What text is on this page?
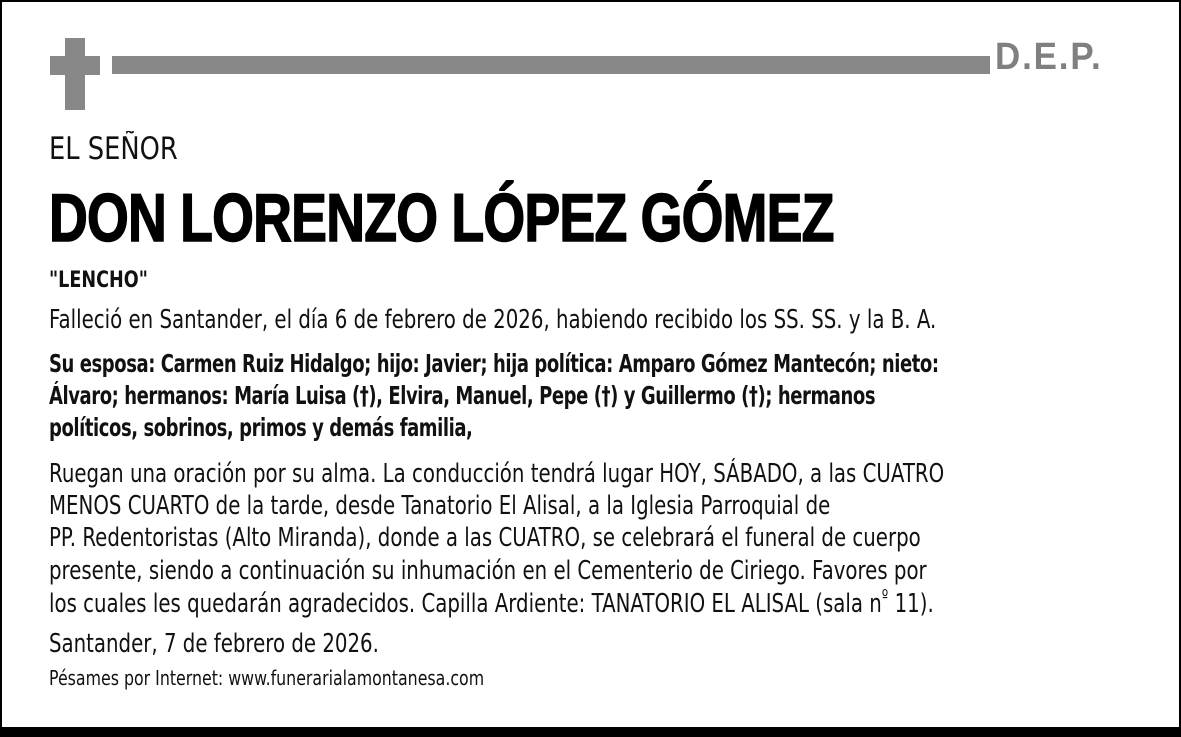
D.E.P.
EL SEÑOR
DON LORENZO LÓPEZ GÓMEZ
"LENCHO"
Falleció en Santander, el día 6 de febrero de 2026, habiendo recibido los SS. SS. y la B. A.
Su esposa: Carmen Ruiz Hidalgo; hijo: Javier; hija política: Amparo Gómez Mantecón; nieto:
Álvaro; hermanos: María Luisa (†), Elvira, Manuel, Pepe (†) y Guillermo (†); hermanos
políticos, sobrinos, primos y demás familia,
Ruegan una oración por su alma. La conducción tendrá lugar HOY, SÁBADO, a las CUATRO
MENOS CUARTO de la tarde, desde Tanatorio El Alisal, a la Iglesia Parroquial de
PP. Redentoristas (Alto Miranda), donde a las CUATRO, se celebrará el funeral de cuerpo
presente, siendo a continuación su inhumación en el Cementerio de Ciriego. Favores por
los cuales les quedarán agradecidos. Capilla Ardiente: TANATORIO EL ALISAL (sala $n^º$ 11).
Santander, 7 de febrero de 2026.
Pésames por Internet: www.funerarialamontanesa.com
